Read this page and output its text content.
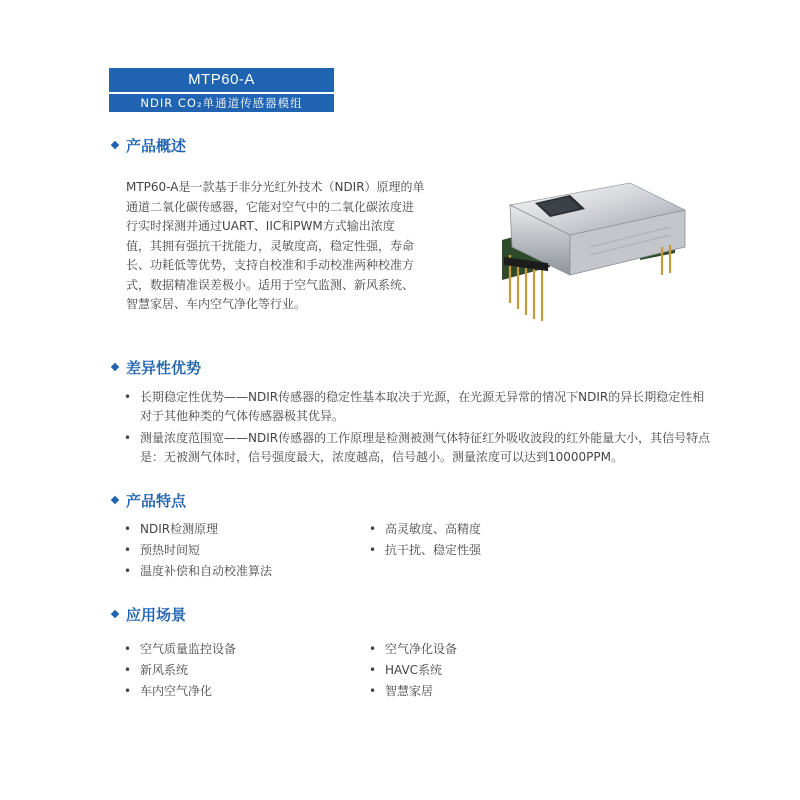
MTP60-A
NDIR CO₂单通道传感器模组
产品概述
MTP60-A是一款基于非分光红外技术（NDIR）原理的单
通道二氧化碳传感器，它能对空气中的二氧化碳浓度进
行实时探测并通过UART、IIC和PWM方式输出浓度
值，其拥有强抗干扰能力，灵敏度高，稳定性强，寿命
长、功耗低等优势，支持自校准和手动校准两种校准方
式，数据精准误差极小。适用于空气监测、新风系统、
智慧家居、车内空气净化等行业。
差异性优势
• 长期稳定性优势——NDIR传感器的稳定性基本取决于光源，在光源无异常的情况下NDIR的异长期稳定性相对于其他种类的气体传感器极其优异。
• 测量浓度范围宽——NDIR传感器的工作原理是检测被测气体特征红外吸收波段的红外能量大小，其信号特点是：无被测气体时，信号强度最大，浓度越高，信号越小。测量浓度可以达到10000PPM。
产品特点
• NDIR检测原理	• 高灵敏度、高精度
• 预热时间短	• 抗干扰、稳定性强
• 温度补偿和自动校准算法
应用场景
• 空气质量监控设备	• 空气净化设备
• 新风系统	• HAVC系统
• 车内空气净化	• 智慧家居
